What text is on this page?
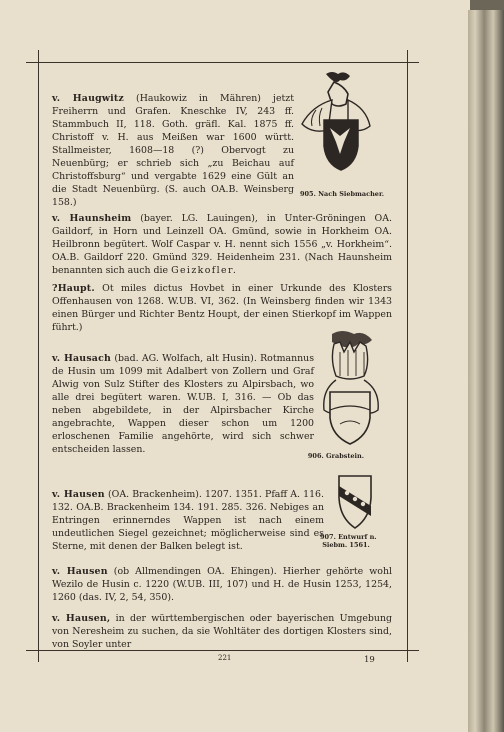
v. Haugwitz (Haukowiz in Mähren) jetzt Freiherrn und Grafen. Kneschke IV, 243 ff. Stammbuch II, 118. Goth. gräfl. Kal. 1875 ff. Christoff v. H. aus Meißen war 1600 württ. Stallmeister, 1608—18 (?) Obervogt zu Neuenbürg; er schrieb sich „zu Beichau auf Christoffsburg“ und vergabte 1629 eine Gült an die Stadt Neuenbürg. (S. auch OA.B. Weinsberg 158.)

905. Nach Siebmacher.

v. Haunsheim (bayer. LG. Lauingen), in Unter-Gröningen OA. Gaildorf, in Horn und Leinzell OA. Gmünd, sowie in Horkheim OA. Heilbronn begütert. Wolf Caspar v. H. nennt sich 1556 „v. Horkheim“. OA.B. Gaildorf 220. Gmünd 329. Heidenheim 231. (Nach Haunsheim benannten sich auch die Geizkofler.

?Haupt. Ot miles dictus Hovbet in einer Urkunde des Klosters Offenhausen von 1268. W.UB. VI, 362. (In Weinsberg finden wir 1343 einen Bürger und Richter Bentz Houpt, der einen Stierkopf im Wappen führt.)

v. Hausach (bad. AG. Wolfach, alt Husin). Rotmannus de Husin um 1099 mit Adalbert von Zollern und Graf Alwig von Sulz Stifter des Klosters zu Alpirsbach, wo alle drei begütert waren. W.UB. I, 316. — Ob das neben abgebildete, in der Alpirsbacher Kirche angebrachte, Wappen dieser schon um 1200 erloschenen Familie angehörte, wird sich schwer entscheiden lassen.

906. Grabstein.

v. Hausen (OA. Brackenheim). 1207. 1351. Pfaff A. 116. 132. OA.B. Brackenheim 134. 191. 285. 326. Nebiges an Entringen erinnerndes Wappen ist nach einem undeutlichen Siegel gezeichnet; möglicherweise sind es Sterne, mit denen der Balken belegt ist.

907. Entwurf n.
Siebm. 1561.

v. Hausen (ob Allmendingen OA. Ehingen). Hierher gehörte wohl Wezilo de Husin c. 1220 (W.UB. III, 107) und H. de Husin 1253, 1254, 1260 (das. IV, 2, 54, 350).

v. Hausen, in der württembergischen oder bayerischen Umgebung von Neresheim zu suchen, da sie Wohltäter des dortigen Klosters sind, von Soyler unter

221	19
